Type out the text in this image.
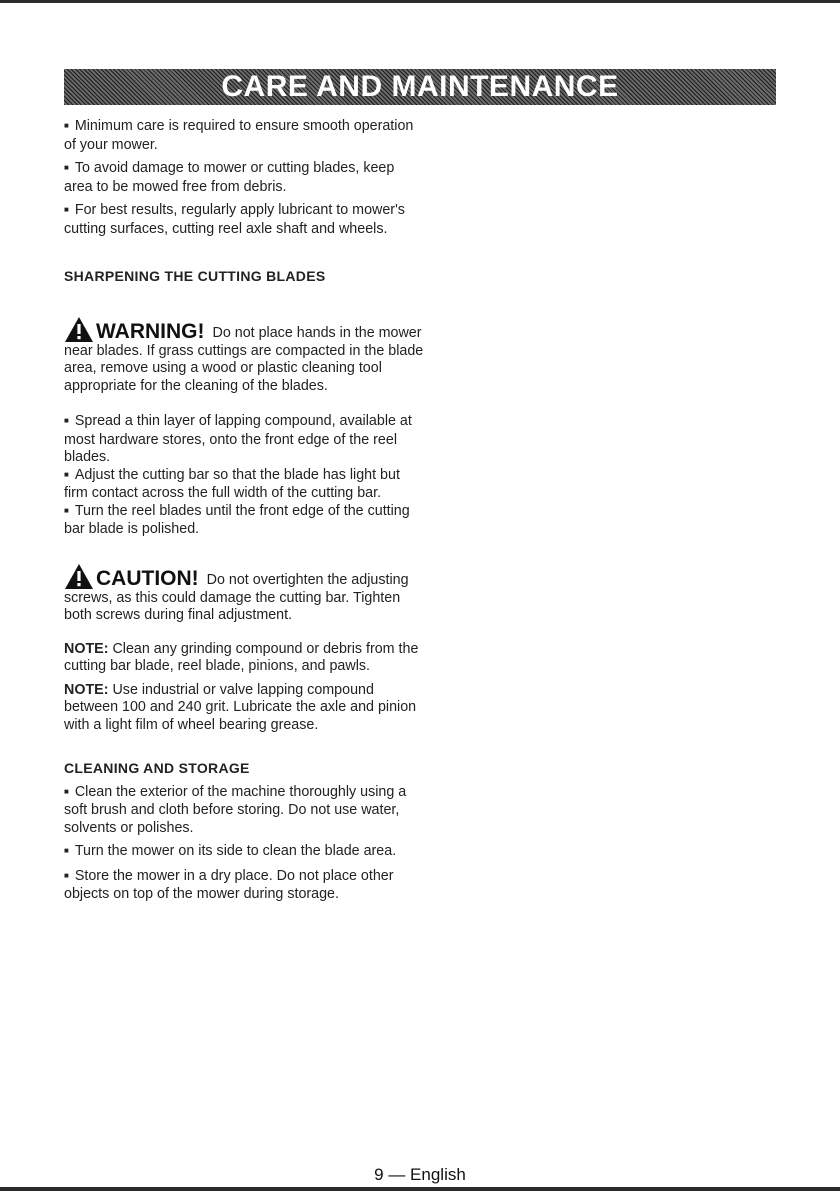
CARE AND MAINTENANCE

■ Minimum care is required to ensure smooth operation of your mower.

■ To avoid damage to mower or cutting blades, keep area to be mowed free from debris.

■ For best results, regularly apply lubricant to mower's cutting surfaces, cutting reel axle shaft and wheels.

SHARPENING THE CUTTING BLADES

WARNING! Do not place hands in the mower

near blades. If grass cuttings are compacted in the blade area, remove using a wood or plastic cleaning tool appropriate for the cleaning of the blades.

■ Spread a thin layer of lapping compound, available at most hardware stores, onto the front edge of the reel blades.

■ Adjust the cutting bar so that the blade has light but firm contact across the full width of the cutting bar.

■ Turn the reel blades until the front edge of the cutting bar blade is polished.

CAUTION! Do not overtighten the adjusting

screws, as this could damage the cutting bar. Tighten both screws during final adjustment.

NOTE: Clean any grinding compound or debris from the cutting bar blade, reel blade, pinions, and pawls.

NOTE: Use industrial or valve lapping compound between 100 and 240 grit. Lubricate the axle and pinion with a light film of wheel bearing grease.

CLEANING AND STORAGE

■ Clean the exterior of the machine thoroughly using a soft brush and cloth before storing. Do not use water, solvents or polishes.

■ Turn the mower on its side to clean the blade area.

■ Store the mower in a dry place. Do not place other objects on top of the mower during storage.

9 — English
